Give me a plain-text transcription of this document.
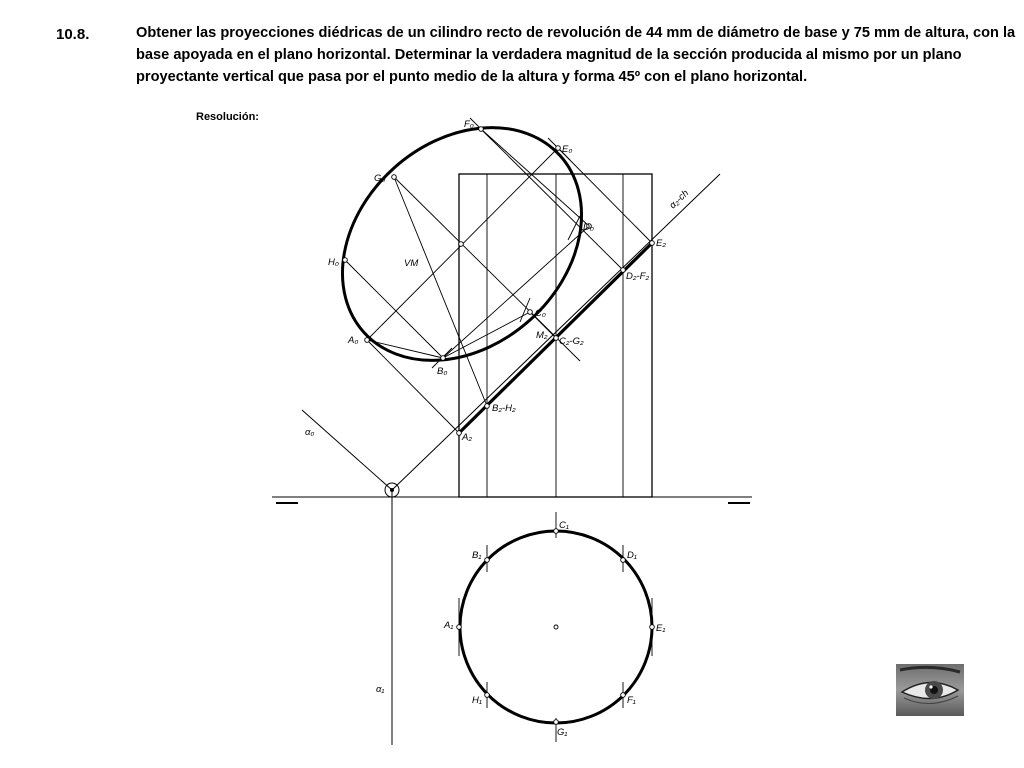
10.8.	Obtener las proyecciones diédricas de un cilindro recto de revolución de 44 mm de diámetro de base y 75 mm de altura, con la base apoyada en el plano horizontal. Determinar la verdadera magnitud de la sección producida al mismo por un plano proyectante vertical que pasa por el punto medio de la altura y forma 45º con el plano horizontal.

Resolución:
F₀
E₀
G₀
D₀
H₀	VM
C₀
A₀
B₀
E₂
D₂-F₂
M₂
C₂-G₂
B₂-H₂
A₂
α₂-ch
α₀
α₁
C₁
B₁	D₁
A₁	E₁
H₁	F₁
G₁
